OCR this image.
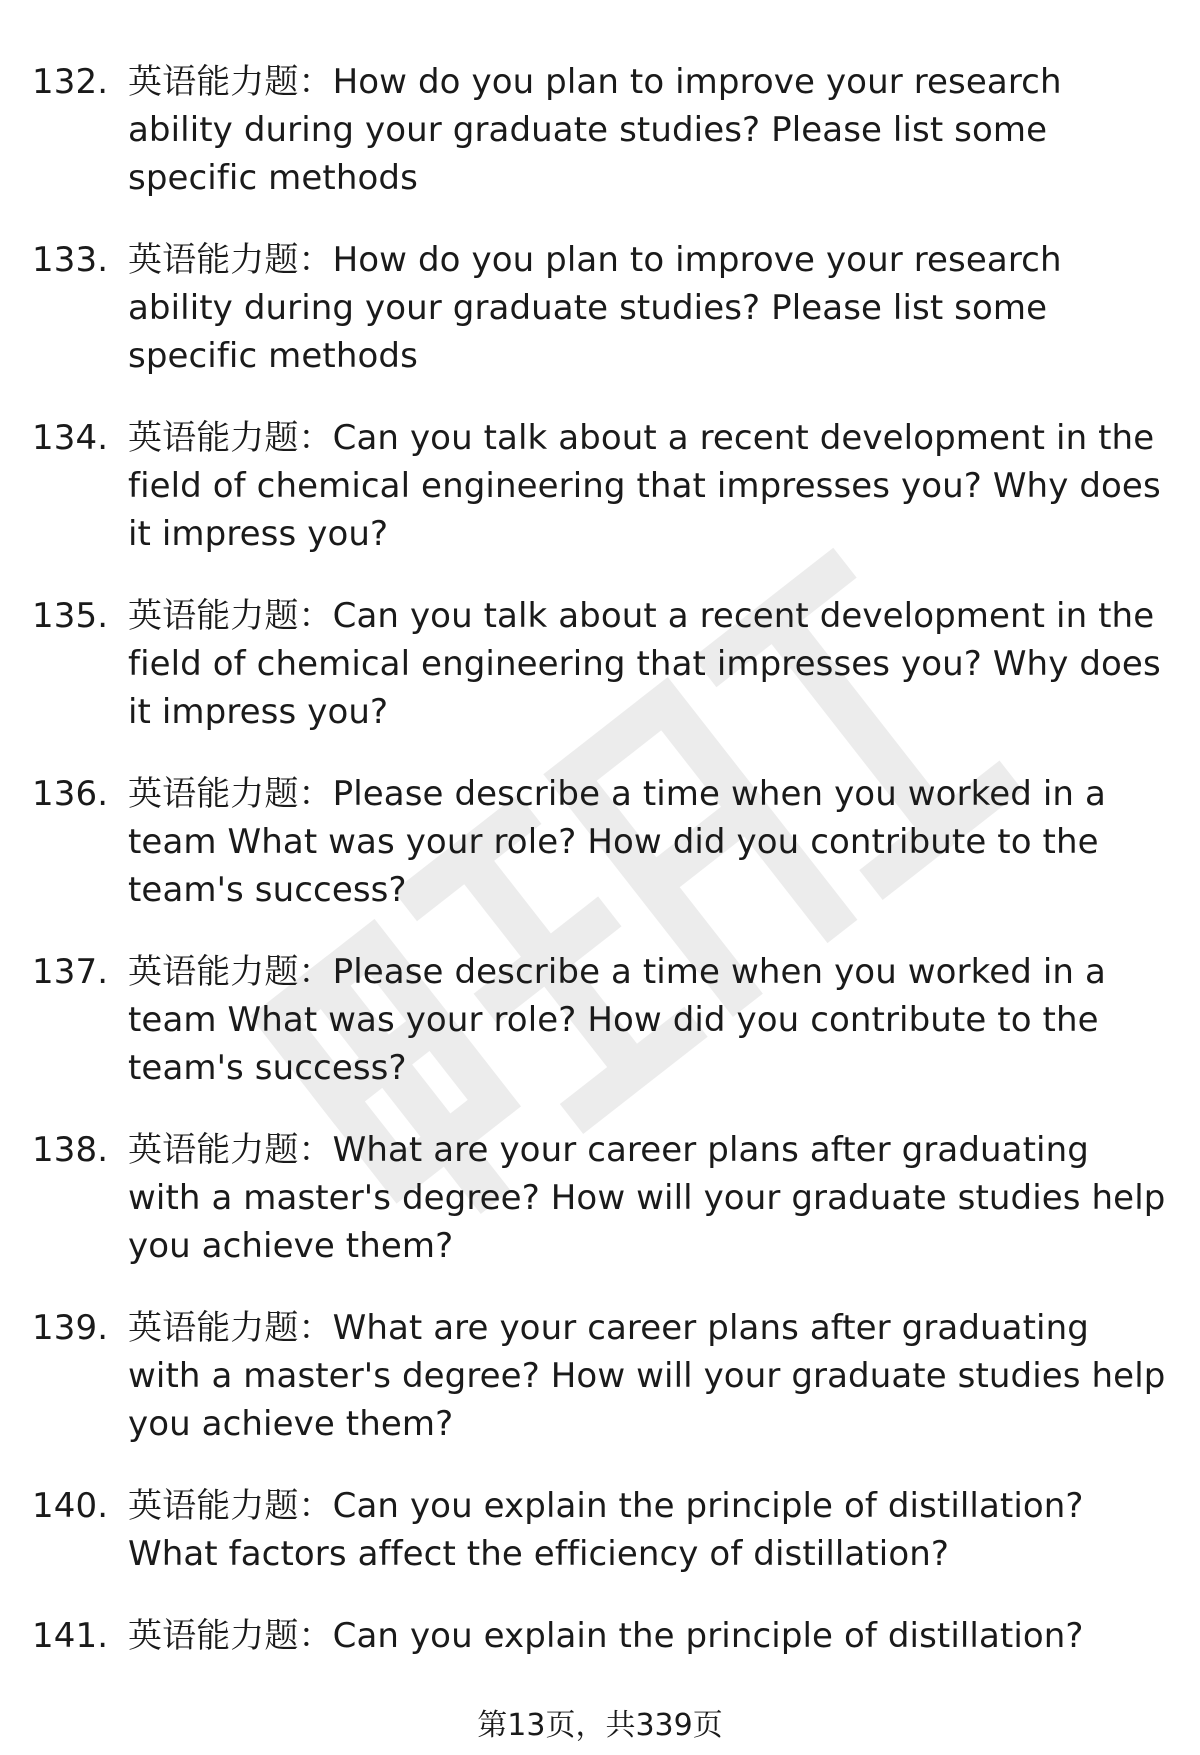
132. 英语能力题：How do you plan to improve your research ability during your graduate studies? Please list some specific methods
133. 英语能力题：How do you plan to improve your research ability during your graduate studies? Please list some specific methods
134. 英语能力题：Can you talk about a recent development in the field of chemical engineering that impresses you? Why does it impress you?
135. 英语能力题：Can you talk about a recent development in the field of chemical engineering that impresses you? Why does it impress you?
136. 英语能力题：Please describe a time when you worked in a team What was your role? How did you contribute to the team's success?
137. 英语能力题：Please describe a time when you worked in a team What was your role? How did you contribute to the team's success?
138. 英语能力题：What are your career plans after graduating with a master's degree? How will your graduate studies help you achieve them?
139. 英语能力题：What are your career plans after graduating with a master's degree? How will your graduate studies help you achieve them?
140. 英语能力题：Can you explain the principle of distillation? What factors affect the efficiency of distillation?
141. 英语能力题：Can you explain the principle of distillation?
第13页，共339页
